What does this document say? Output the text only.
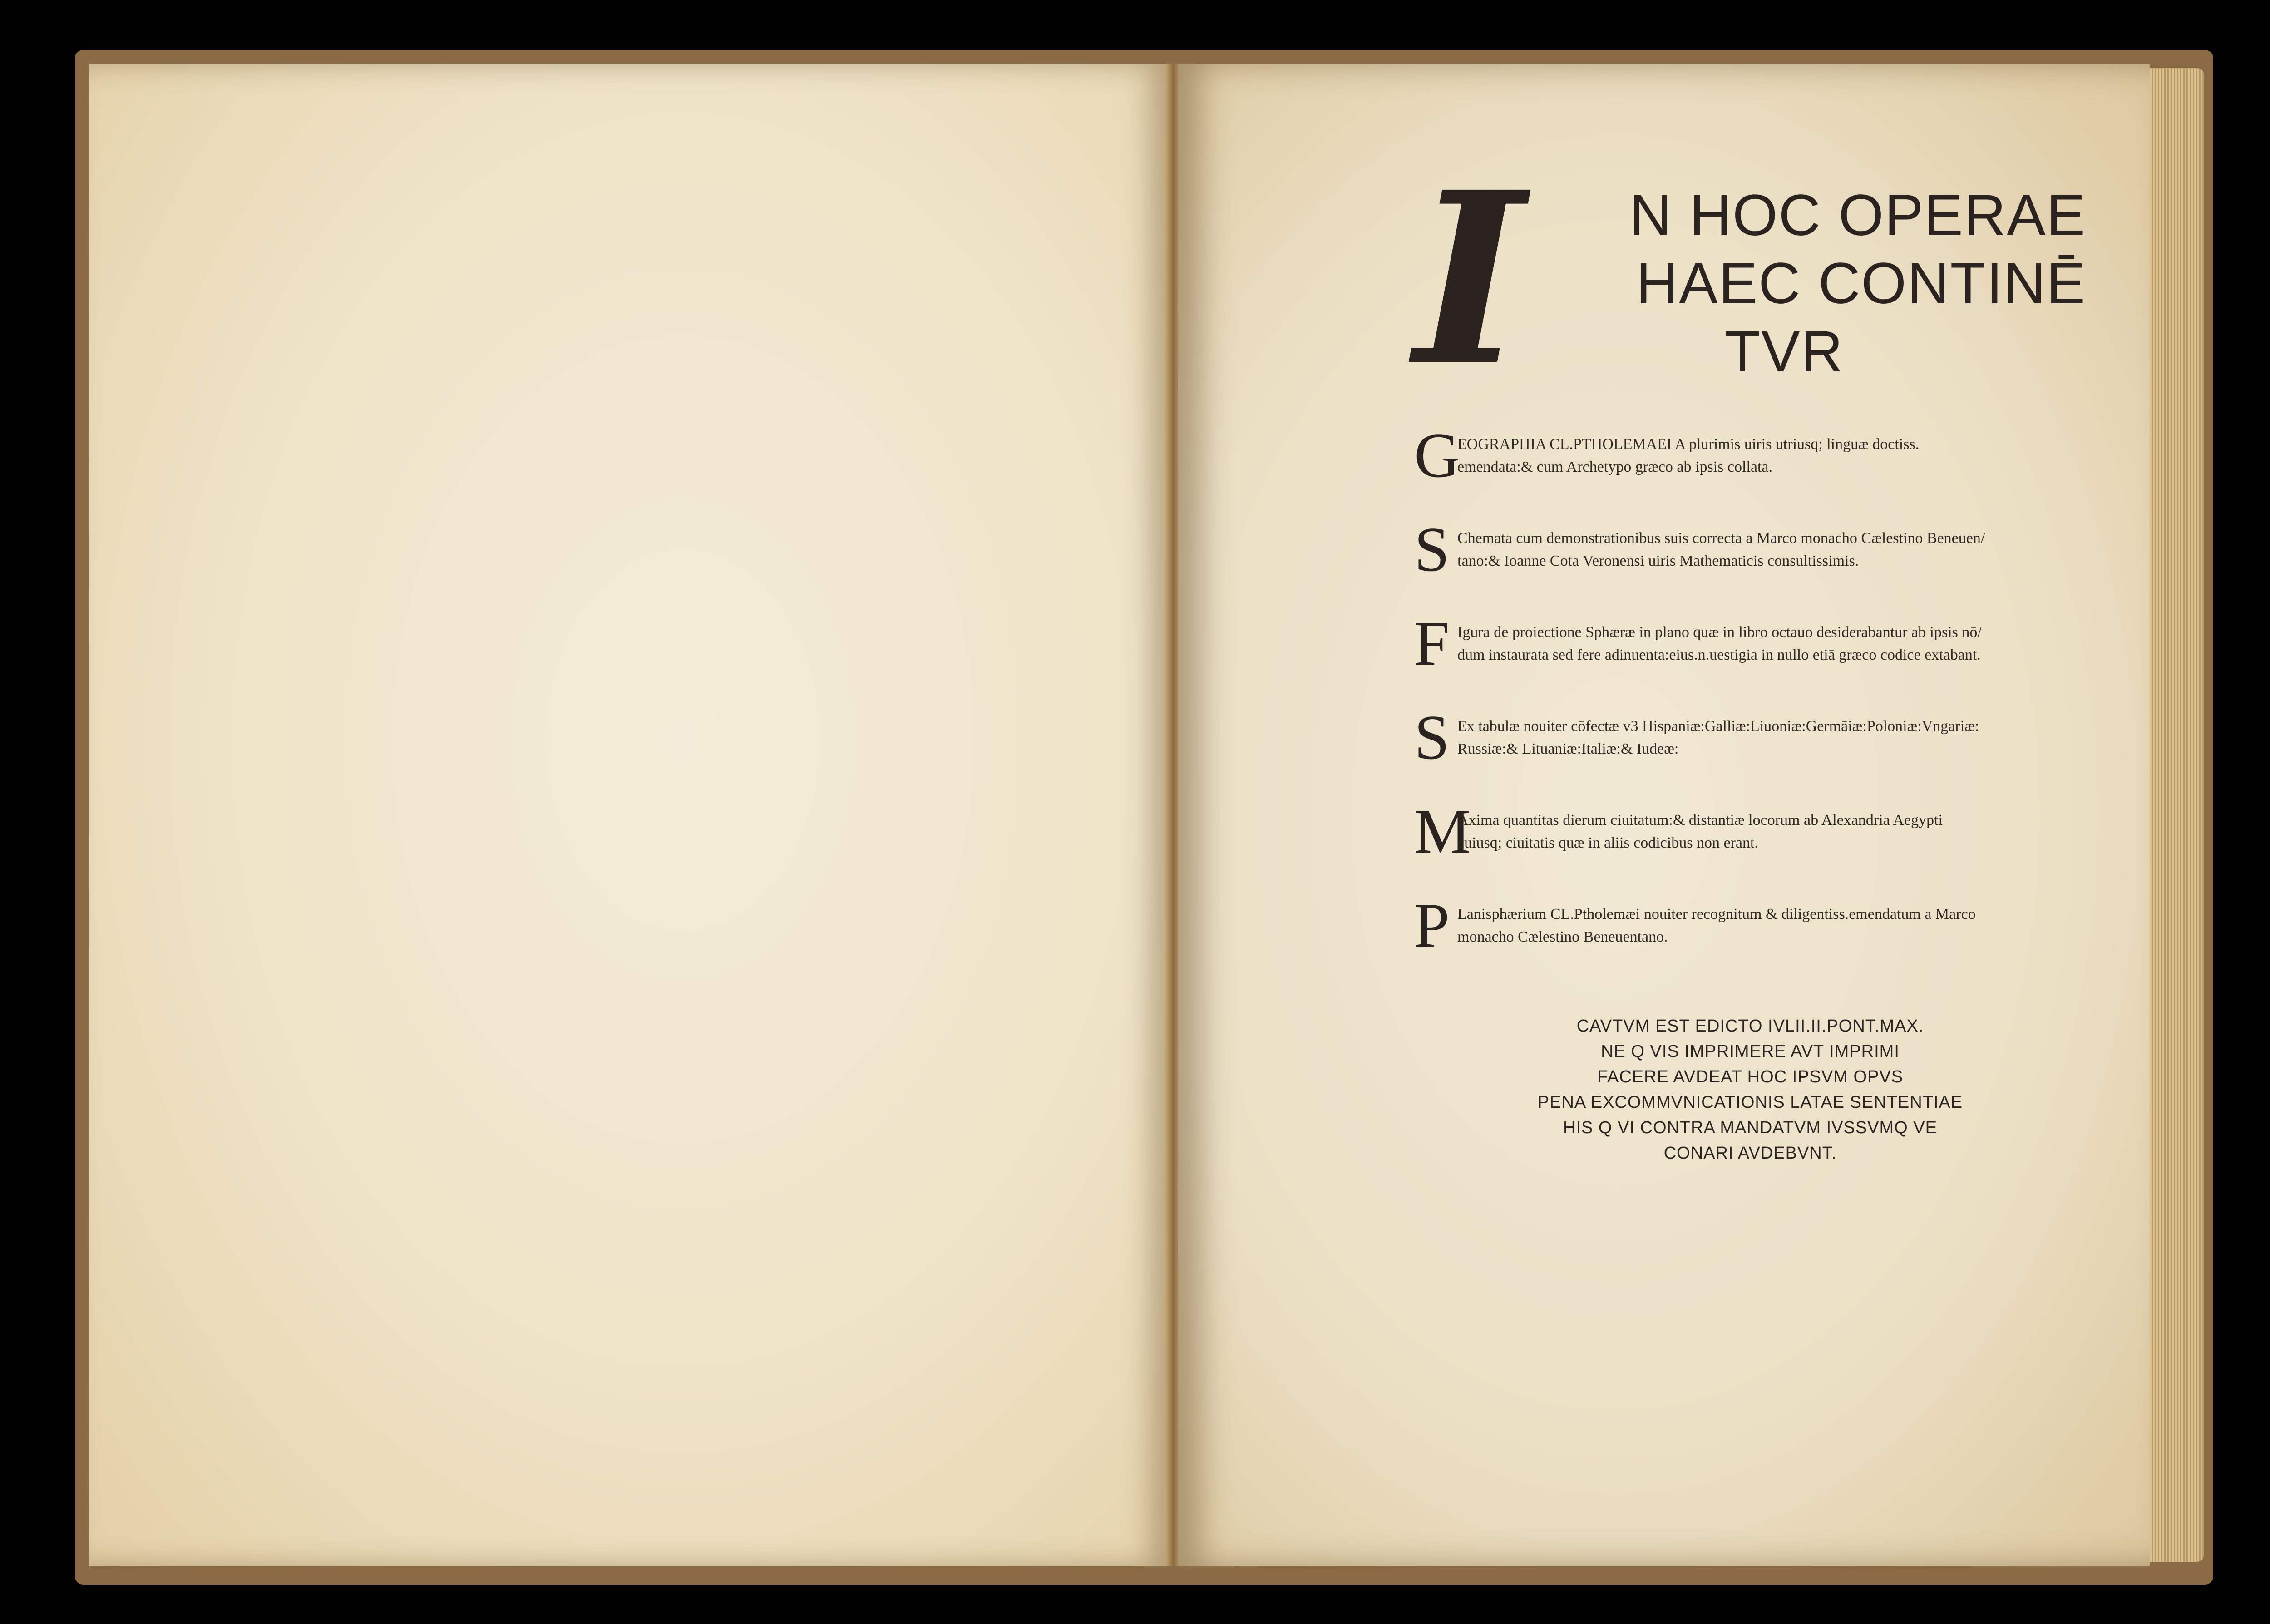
I	N HOC OPERAE
HAEC CONTINĒ
TVR
G
EOGRAPHIA CL.PTHOLEMAEI A plurimis uiris utriusq; linguæ doctiss.
emendata:& cum Archetypo græco ab ipsis collata.
S Chemata cum demonstrationibus suis correcta a Marco monacho Cælestino Beneuen/
tano:& Ioanne Cota Veronensi uiris Mathematicis consultissimis.
F Igura de proiectione Sphæræ in plano quæ in libro octauo desiderabantur ab ipsis nō/
dum instaurata sed fere adinuenta:eius.n.uestigia in nullo etiā græco codice extabant.
S Ex tabulæ nouiter cōfectæ v3 Hispaniæ:Galliæ:Liuoniæ:Germāiæ:Poloniæ:Vngariæ:
Russiæ:& Lituaniæ:Italiæ:& Iudeæ:
M
Axima quantitas dierum ciuitatum:& distantiæ locorum ab Alexandria Aegypti
cuiusq; ciuitatis quæ in aliis codicibus non erant.
P Lanisphærium CL.Ptholemæi nouiter recognitum & diligentiss.emendatum a Marco
monacho Cælestino Beneuentano.
CAVTVM EST EDICTO IVLII.II.PONT.MAX.
NE Q VIS IMPRIMERE AVT IMPRIMI
FACERE AVDEAT HOC IPSVM OPVS
PENA EXCOMMVNICATIONIS LATAE SENTENTIAE
HIS Q VI CONTRA MANDATVM IVSSVMQ VE
CONARI AVDEBVNT.
